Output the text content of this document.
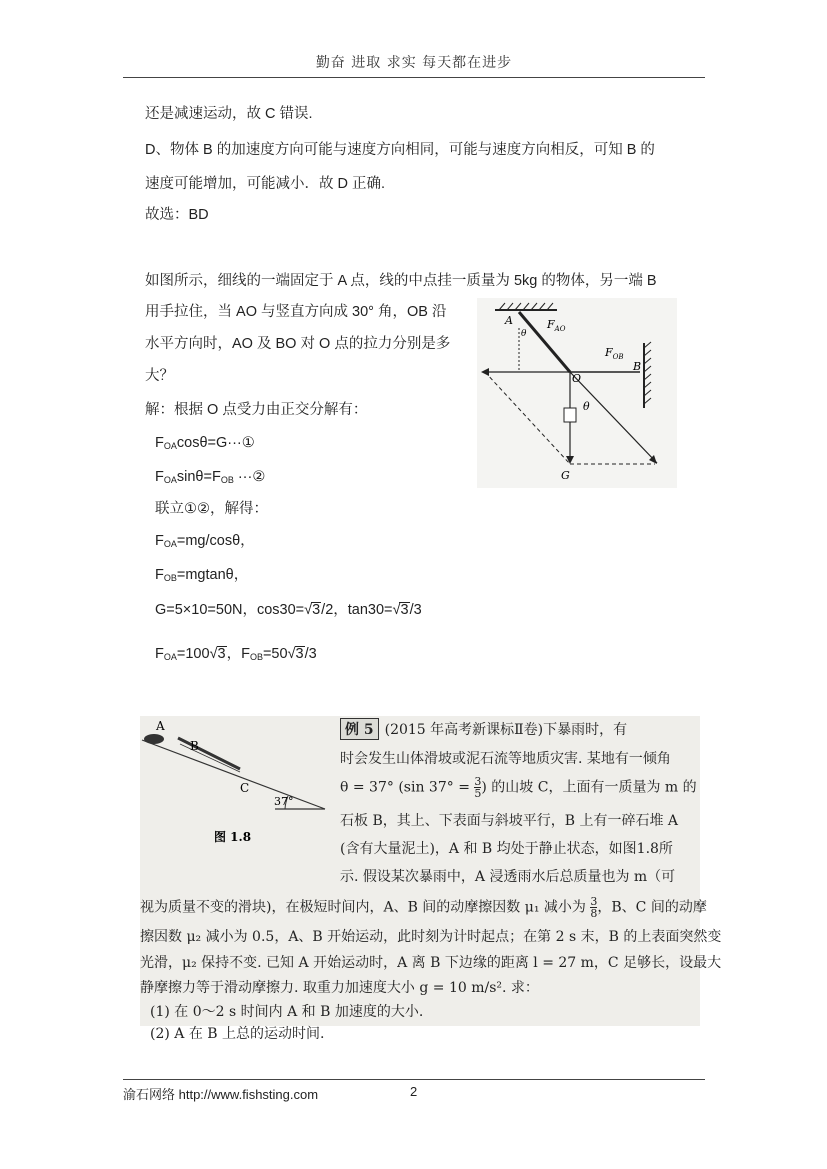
勤奋 进取 求实 每天都在进步
还是减速运动，故 C 错误.
D、物体 B 的加速度方向可能与速度方向相同，可能与速度方向相反，可知 B 的
速度可能增加，可能减小．故 D 正确.
故选：BD
如图所示，细线的一端固定于 A 点，线的中点挂一质量为 5kg 的物体，另一端 B
用手拉住，当 AO 与竖直方向成 30° 角，OB 沿
水平方向时，AO 及 BO 对 O 点的拉力分别是多
大？
解：根据 O 点受力由正交分解有：
$F_{OA}\cos\theta=G\cdot\cdot\cdot ①$
$F_{OA}\sin\theta=F_{OB}$ ···②
联立①②，解得：
$F_{OA}=mg$/cosθ，
$F_{OB}=mgtan\theta$，
G=5×10=50N，cos30=√3/2，tan30=√3/3
$F_{OA}=100√3$，$F_{OB}=50√3/3$
A
θ
$F_{AO}$
$F_{OB}$
O
B
θ
G
A
B
C
37°
图 1.8
例 5 (2015 年高考新课标Ⅱ卷)下暴雨时，有
时会发生山体滑坡或泥石流等地质灾害. 某地有一倾角
θ = 37° (sin $37^\circ = \frac{3}{5}$ ) 的山坡 C，上面有一质量为 m 的
石板 B，其上、下表面与斜坡平行，B 上有一碎石堆 A
(含有大量泥土)，A 和 B 均处于静止状态，如图1.8所
示. 假设某次暴雨中，A 浸透雨水后总质量也为 m（可
视为质量不变的滑块)，在极短时间内，A、B 间的动摩擦因数 μ₁ 减小为 $\frac{3}{8}$ ，B、C 间的动摩
擦因数 μ₂ 减小为 0.5，A、B 开始运动，此时刻为计时起点；在第 2 s 末，B 的上表面突然变
光滑，μ₂ 保持不变. 已知 A 开始运动时，A 离 B 下边缘的距离 l = 27 m，C 足够长，设最大
静摩擦力等于滑动摩擦力. 取重力加速度大小 g = 10 m/s². 求：
(1) 在 0～2 s 时间内 A 和 B 加速度的大小.
(2) A 在 B 上总的运动时间.
渝石网络 http://www.fishsting.com	2
